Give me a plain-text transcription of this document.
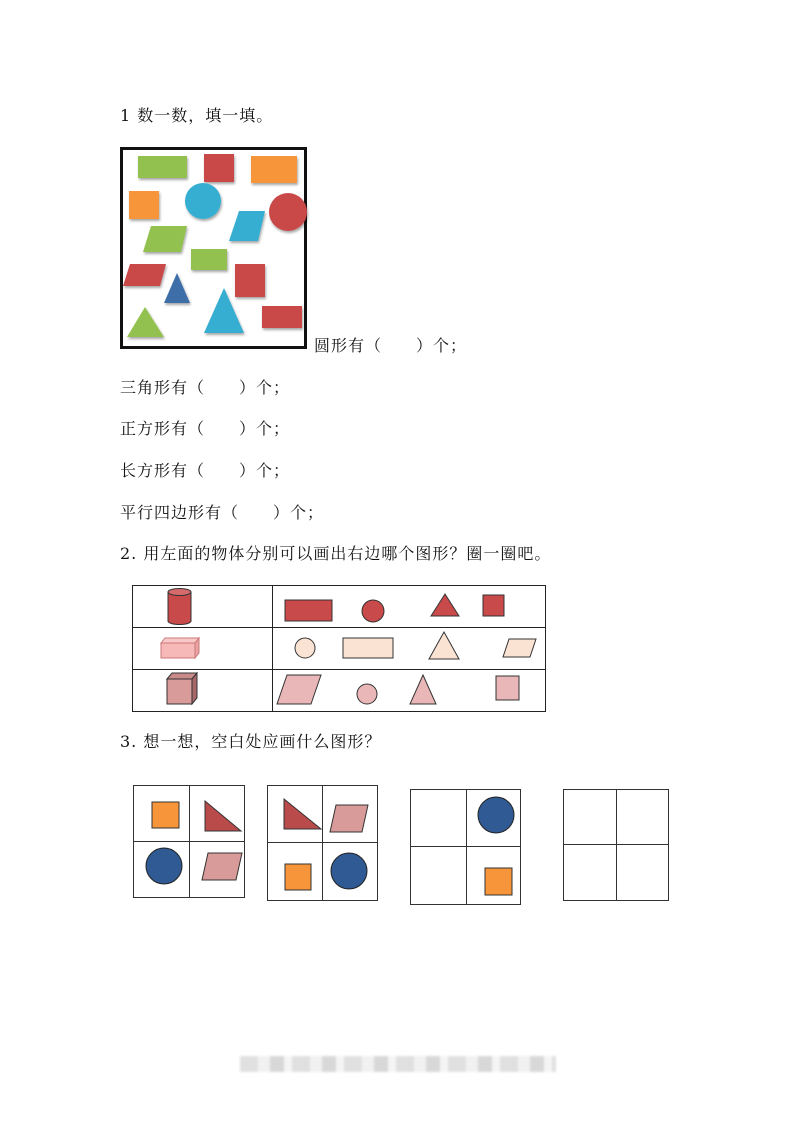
1 数一数，填一填。
圆形有（　　）个；
三角形有（　　）个；
正方形有（　　）个；
长方形有（　　）个；
平行四边形有（　　）个；
2. 用左面的物体分别可以画出右边哪个图形？圈一圈吧。

3. 想一想，空白处应画什么图形？
